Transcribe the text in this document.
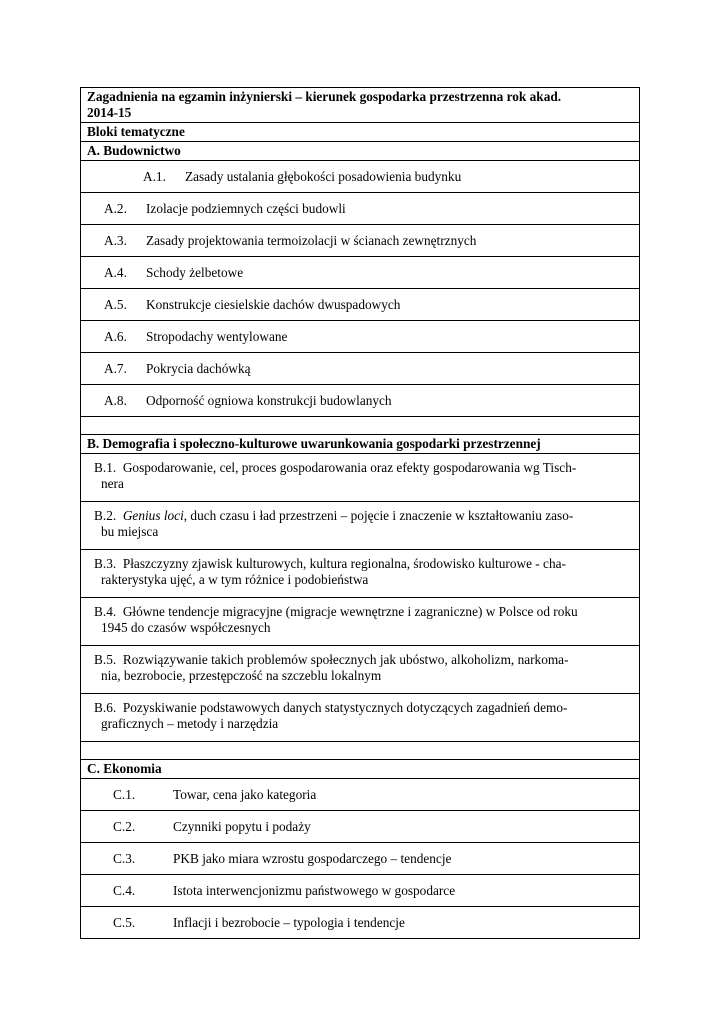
Zagadnienia na egzamin inżynierski – kierunek gospodarka przestrzenna rok akad.
2014-15
Bloki tematyczne
A. Budownictwo
A.1.	Zasady ustalania głębokości posadowienia budynku
A.2.	Izolacje podziemnych części budowli
A.3.	Zasady projektowania termoizolacji w ścianach zewnętrznych
A.4.	Schody żelbetowe
A.5.	Konstrukcje ciesielskie dachów dwuspadowych
A.6.	Stropodachy wentylowane
A.7.	Pokrycia dachówką
A.8.	Odporność ogniowa konstrukcji budowlanych
B. Demografia i społeczno-kulturowe uwarunkowania gospodarki przestrzennej
B.1. Gospodarowanie, cel, proces gospodarowania oraz efekty gospodarowania wg Tisch-
nera
B.2. Genius loci, duch czasu i ład przestrzeni – pojęcie i znaczenie w kształtowaniu zaso-
bu miejsca
B.3. Płaszczyzny zjawisk kulturowych, kultura regionalna, środowisko kulturowe - cha-
rakterystyka ujęć, a w tym różnice i podobieństwa
B.4. Główne tendencje migracyjne (migracje wewnętrzne i zagraniczne) w Polsce od roku
1945 do czasów współczesnych
B.5. Rozwiązywanie takich problemów społecznych jak ubóstwo, alkoholizm, narkoma-
nia, bezrobocie, przestępczość na szczeblu lokalnym
B.6. Pozyskiwanie podstawowych danych statystycznych dotyczących zagadnień demo-
graficznych – metody i narzędzia
C. Ekonomia
C.1.	Towar, cena jako kategoria
C.2.	Czynniki popytu i podaży
C.3.	PKB jako miara wzrostu gospodarczego – tendencje
C.4.	Istota interwencjonizmu państwowego w gospodarce
C.5.	Inflacji i bezrobocie – typologia i tendencje
